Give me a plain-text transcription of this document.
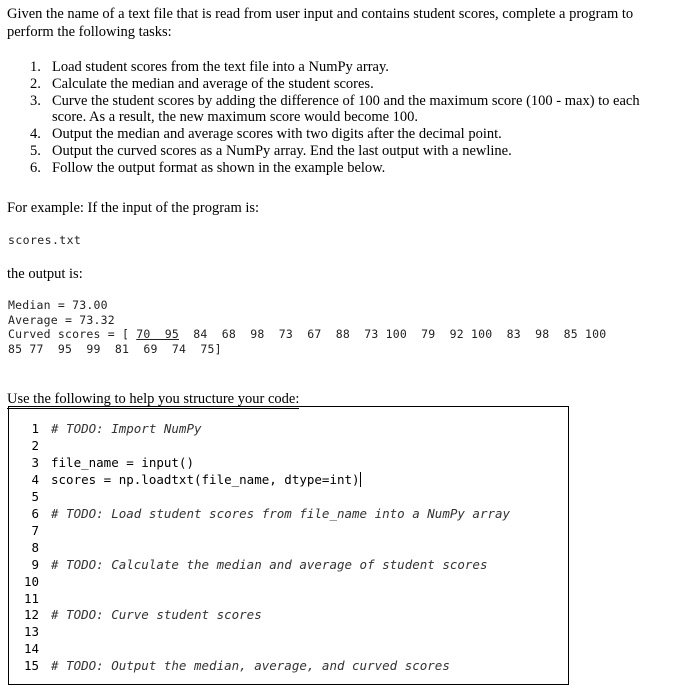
Given the name of a text file that is read from user input and contains student scores, complete a program to perform the following tasks:
1. Load student scores from the text file into a NumPy array.
2. Calculate the median and average of the student scores.
3. Curve the student scores by adding the difference of 100 and the maximum score (100 - max) to each score. As a result, the new maximum score would become 100.
4. Output the median and average scores with two digits after the decimal point.
5. Output the curved scores as a NumPy array. End the last output with a newline.
6. Follow the output format as shown in the example below.
For example: If the input of the program is:
scores.txt
the output is:
Median = 73.00
Average = 73.32
Curved scores = [ 70  95  84  68  98  73  67  88  73 100  79  92 100  83  98  85 100
85 77  95  99  81  69  74  75]
Use the following to help you structure your code:
1 # TODO: Import NumPy
2
3 file_name = input()
4 scores = np.loadtxt(file_name, dtype=int)
5
6 # TODO: Load student scores from file_name into a NumPy array
7
8
9 # TODO: Calculate the median and average of student scores
10
11
12 # TODO: Curve student scores
13
14
15 # TODO: Output the median, average, and curved scores
